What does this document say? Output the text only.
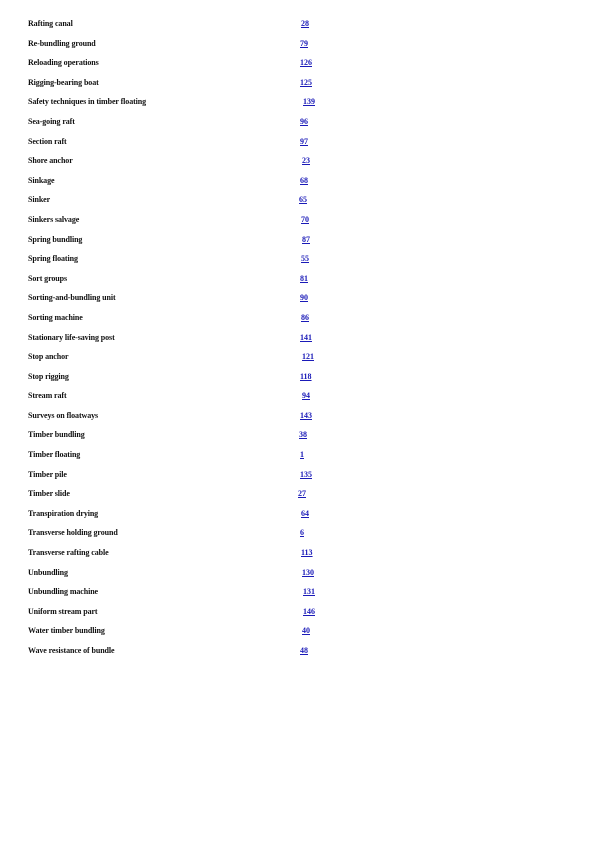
Rafting canal	28
Re-bundling ground	79
Reloading operations	126
Rigging-bearing boat	125
Safety techniques in timber floating	139
Sea-going raft	96
Section raft	97
Shore anchor	23
Sinkage	68
Sinker	65
Sinkers salvage	70
Spring bundling	87
Spring floating	55
Sort groups	81
Sorting-and-bundling unit	90
Sorting machine	86
Stationary life-saving post	141
Stop anchor	121
Stop rigging	118
Stream raft	94
Surveys on floatways	143
Timber bundling	38
Timber floating	1
Timber pile	135
Timber slide	27
Transpiration drying	64
Transverse holding ground	6
Transverse rafting cable	113
Unbundling	130
Unbundling machine	131
Uniform stream part	146
Water timber bundling	40
Wave resistance of bundle	48
